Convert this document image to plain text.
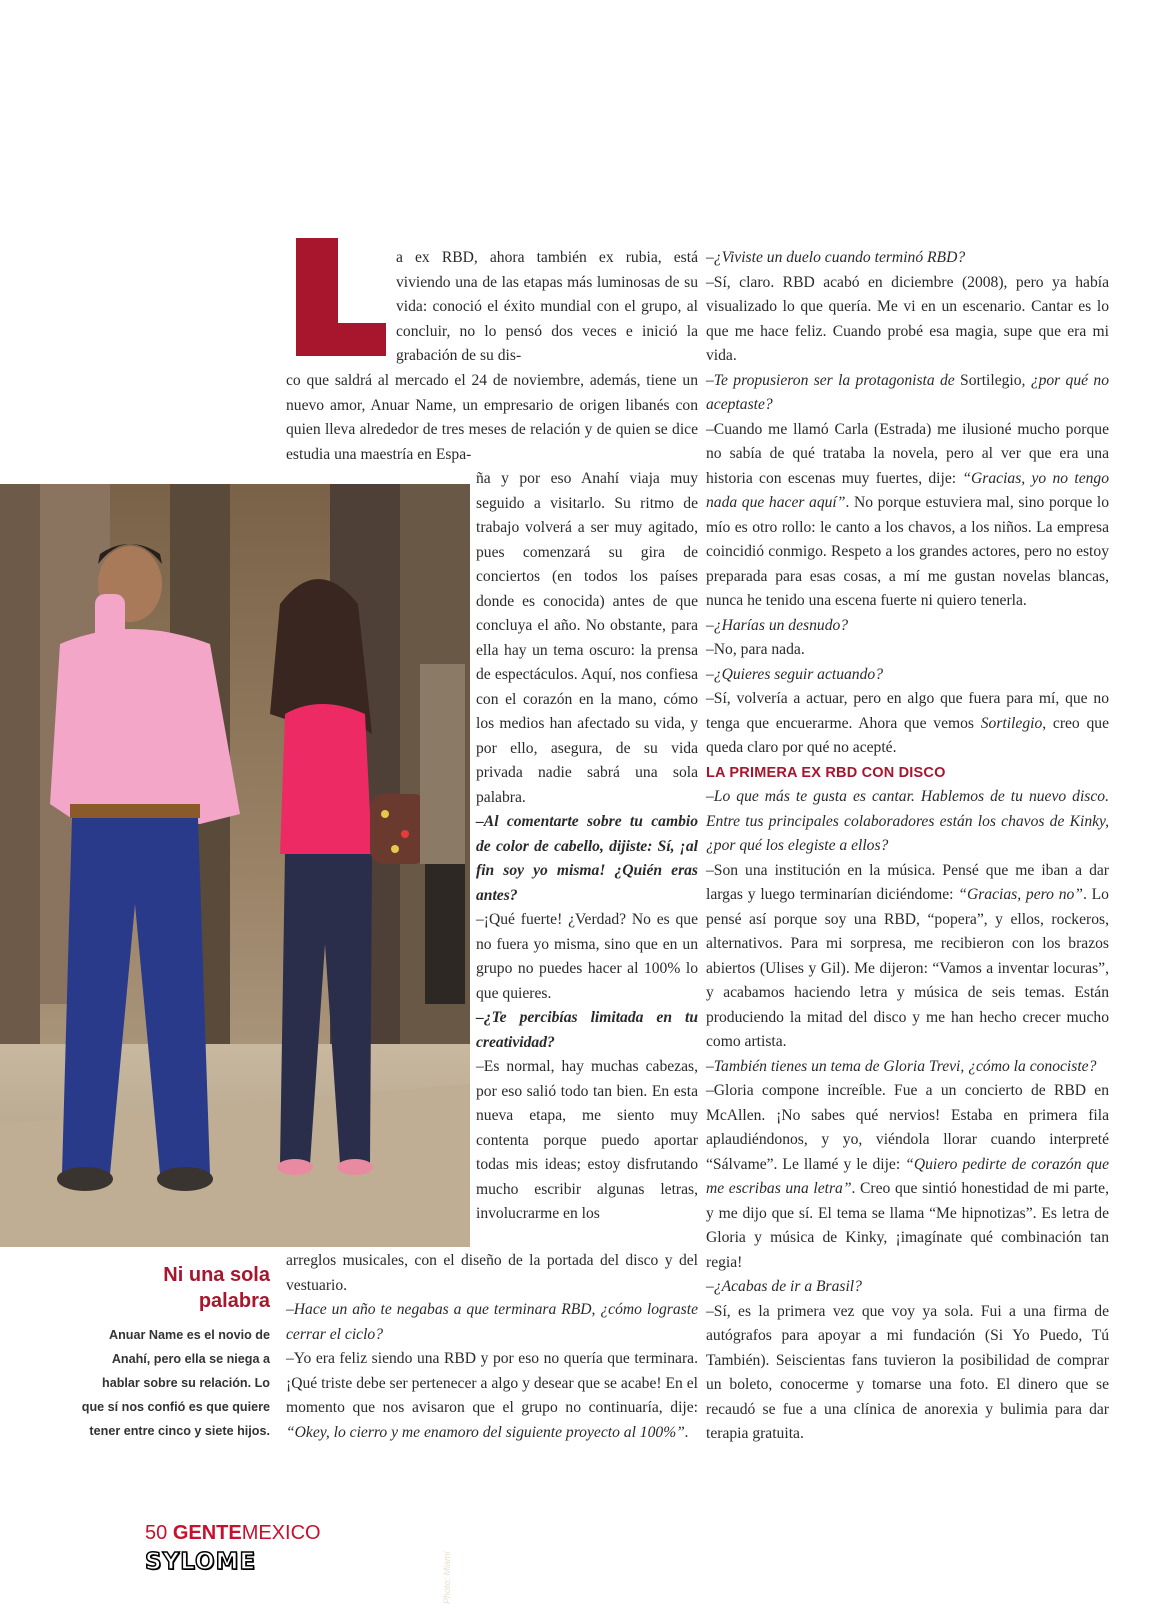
a ex RBD, ahora también ex rubia, está viviendo una de las etapas más luminosas de su vida: conoció el éxito mundial con el grupo, al concluir, no lo pensó dos veces e inició la grabación de su dis-

co que saldrá al mercado el 24 de noviembre, además, tiene un nuevo amor, Anuar Name, un empresario de origen libanés con quien lleva alrededor de tres meses de relación y de quien se dice estudia una maestría en Espa-

ña y por eso Anahí viaja muy seguido a visitarlo. Su ritmo de trabajo volverá a ser muy agitado, pues comenzará su gira de conciertos (en todos los países donde es conocida) antes de que concluya el año. No obstante, para ella hay un tema oscuro: la prensa de espectáculos. Aquí, nos confiesa con el corazón en la mano, cómo los medios han afectado su vida, y por ello, asegura, de su vida privada nadie sabrá una sola palabra.

–Al comentarte sobre tu cambio de color de cabello, dijiste: Sí, ¡al fin soy yo misma! ¿Quién eras antes?

–¡Qué fuerte! ¿Verdad? No es que no fuera yo misma, sino que en un grupo no puedes hacer al 100% lo que quieres.

–¿Te percibías limitada en tu creatividad?

–Es normal, hay muchas cabezas, por eso salió todo tan bien. En esta nueva etapa, me siento muy contenta porque puedo aportar todas mis ideas; estoy disfrutando mucho escribir algunas letras, involucrarme en los

arreglos musicales, con el diseño de la portada del disco y del vestuario.

–Hace un año te negabas a que terminara RBD, ¿cómo lograste cerrar el ciclo?

–Yo era feliz siendo una RBD y por eso no quería que terminara. ¡Qué triste debe ser pertenecer a algo y desear que se acabe! En el momento que nos avisaron que el grupo no continuaría, dije: “Okey, lo cierro y me enamoro del siguiente proyecto al 100%”.

–¿Viviste un duelo cuando terminó RBD?

–Sí, claro. RBD acabó en diciembre (2008), pero ya había visualizado lo que quería. Me vi en un escenario. Cantar es lo que me hace feliz. Cuando probé esa magia, supe que era mi vida.

–Te propusieron ser la protagonista de Sortilegio, ¿por qué no aceptaste?

–Cuando me llamó Carla (Estrada) me ilusioné mucho porque no sabía de qué trataba la novela, pero al ver que era una historia con escenas muy fuertes, dije: “Gracias, yo no tengo nada que hacer aquí”. No porque estuviera mal, sino porque lo mío es otro rollo: le canto a los chavos, a los niños. La empresa coincidió conmigo. Respeto a los grandes actores, pero no estoy preparada para esas cosas, a mí me gustan novelas blancas, nunca he tenido una escena fuerte ni quiero tenerla.

–¿Harías un desnudo?

–No, para nada.

–¿Quieres seguir actuando?

–Sí, volvería a actuar, pero en algo que fuera para mí, que no tenga que encuerarme. Ahora que vemos Sortilegio, creo que queda claro por qué no acepté.

LA PRIMERA EX RBD CON DISCO

–Lo que más te gusta es cantar. Hablemos de tu nuevo disco. Entre tus principales colaboradores están los chavos de Kinky, ¿por qué los elegiste a ellos?

–Son una institución en la música. Pensé que me iban a dar largas y luego terminarían diciéndome: “Gracias, pero no”. Lo pensé así porque soy una RBD, “popera”, y ellos, rockeros, alternativos. Para mi sorpresa, me recibieron con los brazos abiertos (Ulises y Gil). Me dijeron: “Vamos a inventar locuras”, y acabamos haciendo letra y música de seis temas. Están produciendo la mitad del disco y me han hecho crecer mucho como artista.

–También tienes un tema de Gloria Trevi, ¿cómo la conociste?

–Gloria compone increíble. Fue a un concierto de RBD en McAllen. ¡No sabes qué nervios! Estaba en primera fila aplaudiéndonos, y yo, viéndola llorar cuando interpreté “Sálvame”. Le llamé y le dije: “Quiero pedirte de corazón que me escribas una letra”. Creo que sintió honestidad de mi parte, y me dijo que sí. El tema se llama “Me hipnotizas”. Es letra de Gloria y música de Kinky, ¡imagínate qué combinación tan regia!

–¿Acabas de ir a Brasil?

–Sí, es la primera vez que voy ya sola. Fui a una firma de autógrafos para apoyar a mi fundación (Si Yo Puedo, Tú También). Seiscientas fans tuvieron la posibilidad de comprar un boleto, conocerme y tomarse una foto. El dinero que se recaudó se fue a una clínica de anorexia y bulimia para dar terapia gratuita.

Photo: Miami
Ni una sola palabra
Anuar Name es el novio de Anahí, pero ella se niega a hablar sobre su relación. Lo que sí nos confió es que quiere tener entre cinco y siete hijos.
50 GENTEMEXICO
SYLOME
